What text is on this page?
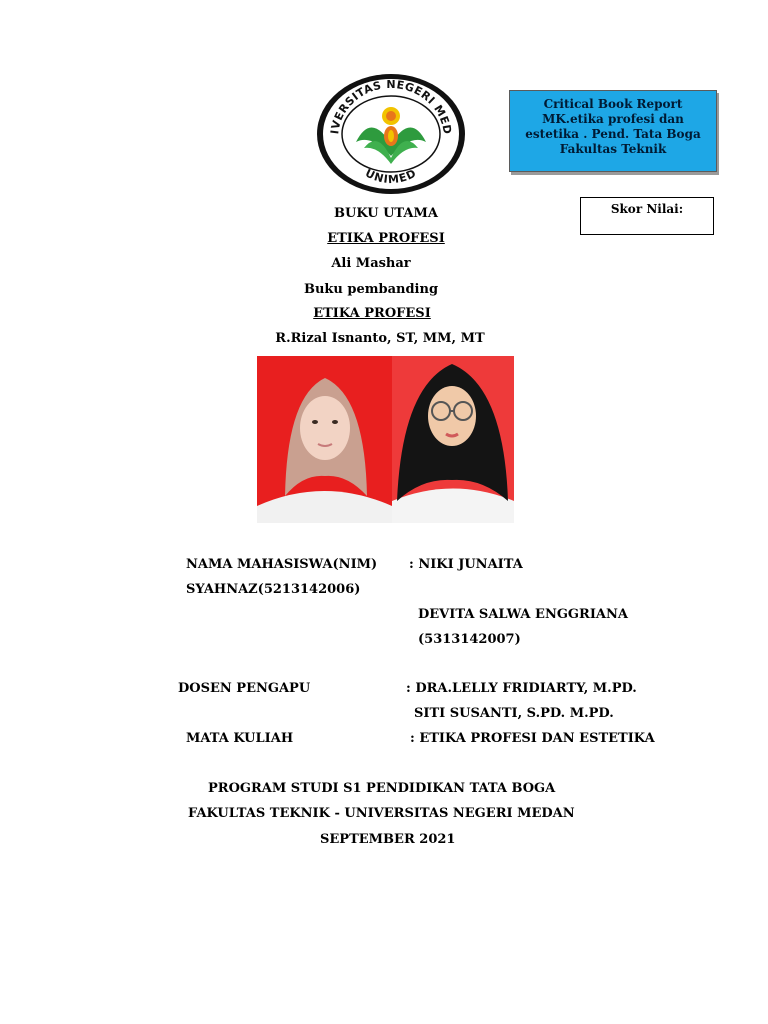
IVERSITAS NEGERI MED
UNIMED
Critical Book Report
MK.etika profesi dan
estetika . Pend. Tata Boga
Fakultas Teknik
Skor Nilai:
BUKU UTAMA
ETIKA PROFESI
Ali Mashar
Buku pembanding
ETIKA PROFESI
R.Rizal Isnanto, ST, MM, MT
NAMA MAHASISWA(NIM) : NIKI JUNAITA
SYAHNAZ(5213142006)
DEVITA SALWA ENGGRIANA
(5313142007)
DOSEN PENGAPU	: DRA.LELLY FRIDIARTY, M.PD.
SITI SUSANTI, S.PD. M.PD.
MATA KULIAH	: ETIKA PROFESI DAN ESTETIKA
PROGRAM STUDI S1 PENDIDIKAN TATA BOGA
FAKULTAS TEKNIK - UNIVERSITAS NEGERI MEDAN
SEPTEMBER 2021
